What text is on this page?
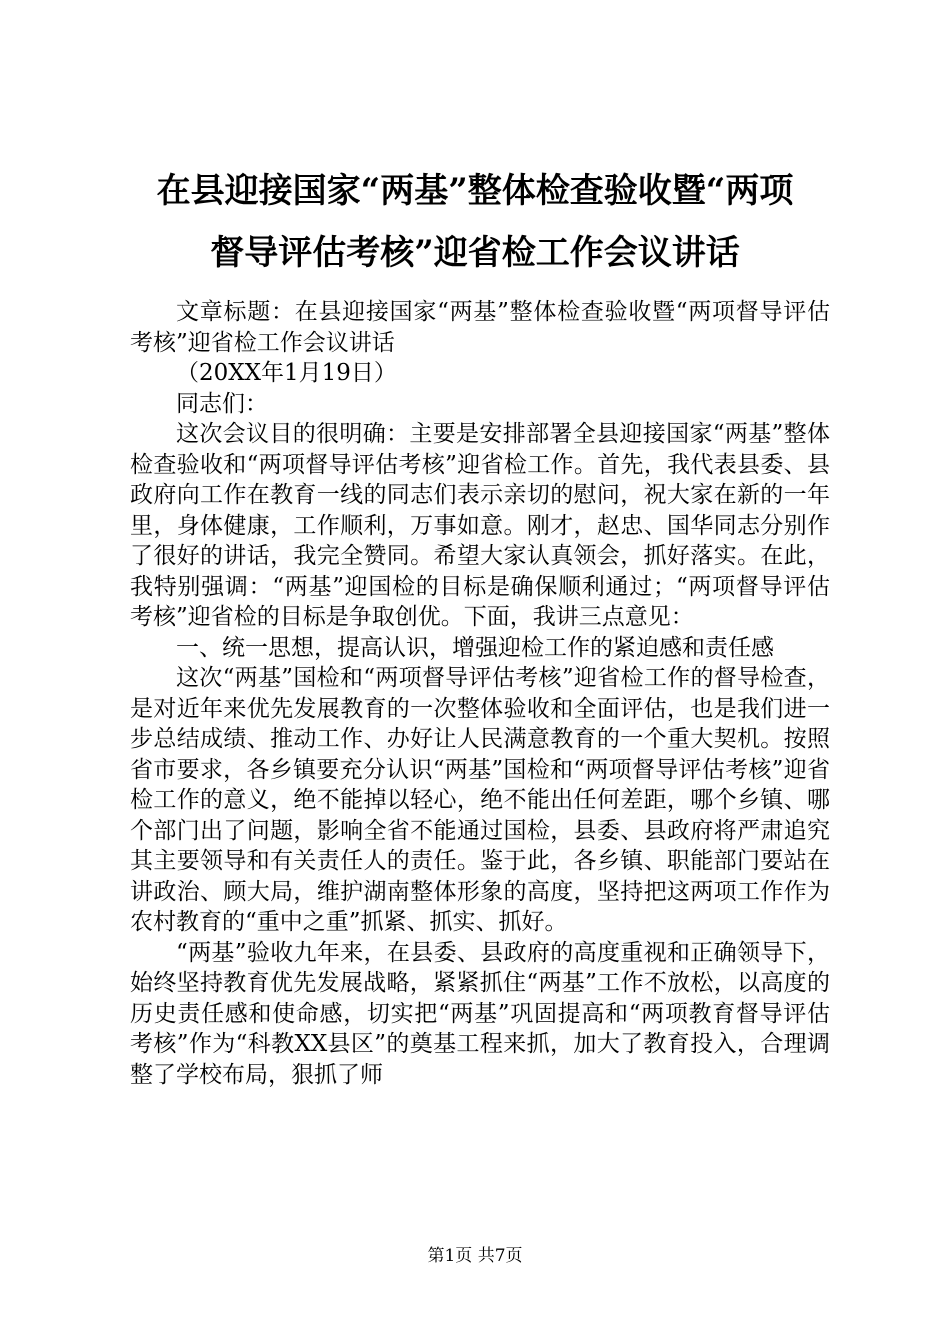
在县迎接国家“两基”整体检查验收暨“两项
督导评估考核”迎省检工作会议讲话

文章标题：在县迎接国家“两基”整体检查验收暨“两项督导评估考核”迎省检工作会议讲话

（20XX年1月19日）

同志们：

这次会议目的很明确：主要是安排部署全县迎接国家“两基”整体检查验收和“两项督导评估考核”迎省检工作。首先，我代表县委、县政府向工作在教育一线的同志们表示亲切的慰问，祝大家在新的一年里，身体健康，工作顺利，万事如意。刚才，赵忠、国华同志分别作了很好的讲话，我完全赞同。希望大家认真领会，抓好落实。在此，我特别强调：“两基”迎国检的目标是确保顺利通过；“两项督导评估考核”迎省检的目标是争取创优。下面，我讲三点意见：

一、统一思想，提高认识，增强迎检工作的紧迫感和责任感

这次“两基”国检和“两项督导评估考核”迎省检工作的督导检查，是对近年来优先发展教育的一次整体验收和全面评估，也是我们进一步总结成绩、推动工作、办好让人民满意教育的一个重大契机。按照省市要求，各乡镇要充分认识“两基”国检和“两项督导评估考核”迎省检工作的意义，绝不能掉以轻心，绝不能出任何差距，哪个乡镇、哪个部门出了问题，影响全省不能通过国检，县委、县政府将严肃追究其主要领导和有关责任人的责任。鉴于此，各乡镇、职能部门要站在讲政治、顾大局，维护湖南整体形象的高度，坚持把这两项工作作为农村教育的“重中之重”抓紧、抓实、抓好。

“两基”验收九年来，在县委、县政府的高度重视和正确领导下，始终坚持教育优先发展战略，紧紧抓住“两基”工作不放松，以高度的历史责任感和使命感，切实把“两基”巩固提高和“两项教育督导评估考核”作为“科教XX县区”的奠基工程来抓，加大了教育投入，合理调整了学校布局，狠抓了师

第1页 共7页
